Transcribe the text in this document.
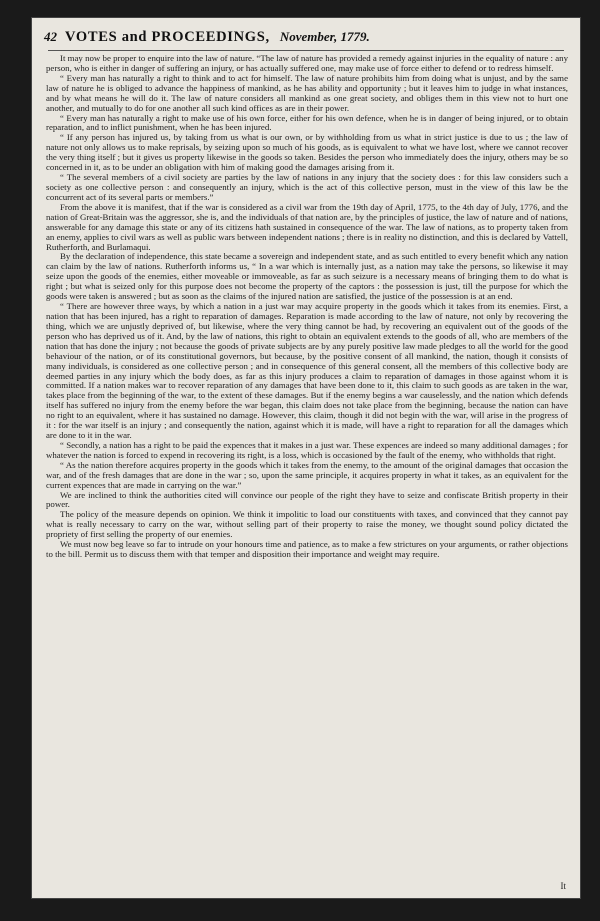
42 VOTES and PROCEEDINGS, November, 1779.

It may now be proper to enquire into the law of nature. “The law of nature has provided a remedy against injuries in the equality of nature : any person, who is either in danger of suffering an injury, or has actually suffered one, may make use of force either to defend or to redress himself.

“ Every man has naturally a right to think and to act for himself. The law of nature prohibits him from doing what is unjust, and by the same law of nature he is obliged to advance the happiness of mankind, as he has ability and opportunity ; but it leaves him to judge in what instances, and by what means he will do it. The law of nature considers all mankind as one great society, and obliges them in this view not to hurt one another, and mutually to do for one another all such kind offices as are in their power.

“ Every man has naturally a right to make use of his own force, either for his own defence, when he is in danger of being injured, or to obtain reparation, and to inflict punishment, when he has been injured.

“ If any person has injured us, by taking from us what is our own, or by withholding from us what in strict justice is due to us ; the law of nature not only allows us to make reprisals, by seizing upon so much of his goods, as is equivalent to what we have lost, where we cannot recover the very thing itself ; but it gives us property likewise in the goods so taken. Besides the person who immediately does the injury, others may be so concerned in it, as to be under an obligation with him of making good the damages arising from it.

“ The several members of a civil society are parties by the law of nations in any injury that the society does : for this law considers such a society as one collective person : and consequently an injury, which is the act of this collective person, must in the view of this law be the concurrent act of its several parts or members.”

From the above it is manifest, that if the war is considered as a civil war from the 19th day of April, 1775, to the 4th day of July, 1776, and the nation of Great-Britain was the aggressor, she is, and the individuals of that nation are, by the principles of justice, the law of nature and of nations, answerable for any damage this state or any of its citizens hath sustained in consequence of the war. The law of nations, as to property taken from an enemy, applies to civil wars as well as public wars between independent nations ; there is in reality no distinction, and this is declared by Vattell, Rutherforth, and Burlamaqui.

By the declaration of independence, this state became a sovereign and independent state, and as such entitled to every benefit which any nation can claim by the law of nations. Rutherforth informs us, “ In a war which is internally just, as a nation may take the persons, so likewise it may seize upon the goods of the enemies, either moveable or immoveable, as far as such seizure is a necessary means of bringing them to do what is right ; but what is seized only for this purpose does not become the property of the captors : the possession is just, till the purpose for which the goods were taken is answered ; but as soon as the claims of the injured nation are satisfied, the justice of the possession is at an end.

“ There are however three ways, by which a nation in a just war may acquire property in the goods which it takes from its enemies. First, a nation that has been injured, has a right to reparation of damages. Reparation is made according to the law of nature, not only by recovering the thing, which we are unjustly deprived of, but likewise, where the very thing cannot be had, by recovering an equivalent out of the goods of the person who has deprived us of it. And, by the law of nations, this right to obtain an equivalent extends to the goods of all, who are members of the nation that has done the injury ; not because the goods of private subjects are by any purely positive law made pledges to all the world for the good behaviour of the nation, or of its constitutional governors, but because, by the positive consent of all mankind, the nation, though it consists of many individuals, is considered as one collective person ; and in consequence of this general consent, all the members of this collective body are deemed parties in any injury which the body does, as far as this injury produces a claim to reparation of damages in those against whom it is committed. If a nation makes war to recover reparation of any damages that have been done to it, this claim to such goods as are taken in the war, takes place from the beginning of the war, to the extent of these damages. But if the enemy begins a war causelessly, and the nation which defends itself has suffered no injury from the enemy before the war began, this claim does not take place from the beginning, because the nation can have no right to an equivalent, where it has sustained no damage. However, this claim, though it did not begin with the war, will arise in the progress of it : for the war itself is an injury ; and consequently the nation, against which it is made, will have a right to reparation for all the damages which are done to it in the war.

“ Secondly, a nation has a right to be paid the expences that it makes in a just war. These expences are indeed so many additional damages ; for whatever the nation is forced to expend in recovering its right, is a loss, which is occasioned by the fault of the enemy, who withholds that right.

“ As the nation therefore acquires property in the goods which it takes from the enemy, to the amount of the original damages that occasion the war, and of the fresh damages that are done in the war ; so, upon the same principle, it acquires property in what it takes, as an equivalent for the current expences that are made in carrying on the war.”

We are inclined to think the authorities cited will convince our people of the right they have to seize and confiscate British property in their power.

The policy of the measure depends on opinion. We think it impolitic to load our constituents with taxes, and convinced that they cannot pay what is really necessary to carry on the war, without selling part of their property to raise the money, we thought sound policy dictated the propriety of first selling the property of our enemies.

We must now beg leave so far to intrude on your honours time and patience, as to make a few strictures on your arguments, or rather objections to the bill. Permit us to discuss them with that temper and disposition their importance and weight may require.

It
